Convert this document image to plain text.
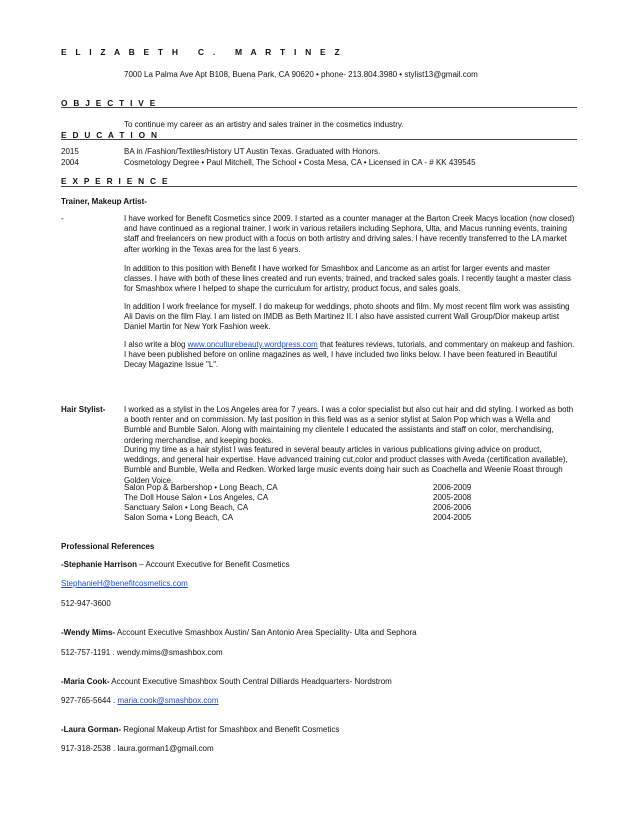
E L I Z A B E T H   C .   M A R T I N E Z
7000 La Palma Ave Apt B108, Buena Park, CA 90620 • phone- 213.804.3980 • stylist13@gmail.com
O B J E C T I V E
To continue my career as an artistry and sales trainer in the cosmetics industry.
E D U C A T I O N
2015	BA in /Fashion/Textiles/History UT Austin Texas. Graduated with Honors.
2004	Cosmetology Degree • Paul Mitchell, The School • Costa Mesa, CA • Licensed in CA - # KK 439545
E X P E R I E N C E
Trainer, Makeup Artist-
-	I have worked for Benefit Cosmetics since 2009. I started as a counter manager at the Barton Creek Macys location (now closed) and have continued as a regional trainer. I work in various retailers including Sephora, Ulta, and Macus running events, training staff and freelancers on new product with a focus on both artistry and driving sales. I have recently transferred to the LA market after working in the Texas area for the last 6 years.
In addition to this position with Benefit I have worked for Smashbox and Lancome as an artist for larger events and master classes. I have with both of these lines created and run events, trained, and tracked sales goals. I recently taught a master class for Smashbox where I helped to shape the curriculum for artistry, product focus, and sales goals.
In addition I work freelance for myself. I do makeup for weddings, photo shoots and film. My most recent film work was assisting Ali Davis on the film Flay. I am listed on IMDB as Beth Martinez II. I also have assisted current Wall Group/Dior makeup artist Daniel Martin for New York Fashion week.
I also write a blog www.onculturebeauty.wordpress.com that features reviews, tutorials, and commentary on makeup and fashion. I have been published before on online magazines as well, I have included two links below. I have been featured in Beautiful Decay Magazine Issue "L".
Hair Stylist- I worked as a stylist in the Los Angeles area for 7 years. I was a color specialist but also cut hair and did styling. I worked as both a booth renter and on commission. My last position in this field was as a senior stylist at Salon Pop which was a Wella and Bumble and Bumble Salon. Along with maintaining my clientele I educated the assistants and staff on color, merchandising, ordering merchandise, and keeping books.
During my time as a hair stylist I was featured in several beauty articles in various publications giving advice on product, weddings, and general hair expertise. Have advanced training cut,color and product classes with Aveda (certification available), Bumble and Bumble, Wella and Redken. Worked large music events doing hair such as Coachella and Weenie Roast through Golden Voice.
Salon Pop & Barbershop • Long Beach, CA	2006-2009
The Doll House Salon • Los Angeles, CA	2005-2008
Sanctuary Salon • Long Beach, CA	2006-2006
Salon Soma • Long Beach, CA	2004-2005
Professional References
-Stephanie Harrison – Account Executive for Benefit Cosmetics
StephanieH@benefitcosmetics.com
512-947-3600
-Wendy Mims- Account Executive Smashbox Austin/ San Antonio Area Speciality- Ulta and Sephora
512-757-1191 . wendy.mims@smashbox.com
-Maria Cook- Account Executive Smashbox South Central Dilliards Headquarters- Nordstrom
927-765-5644 . maria.cook@smashbox.com
-Laura Gorman- Regional Makeup Artist for Smashbox and Benefit Cosmetics
917-318-2538 . laura.gorman1@gmail.com
